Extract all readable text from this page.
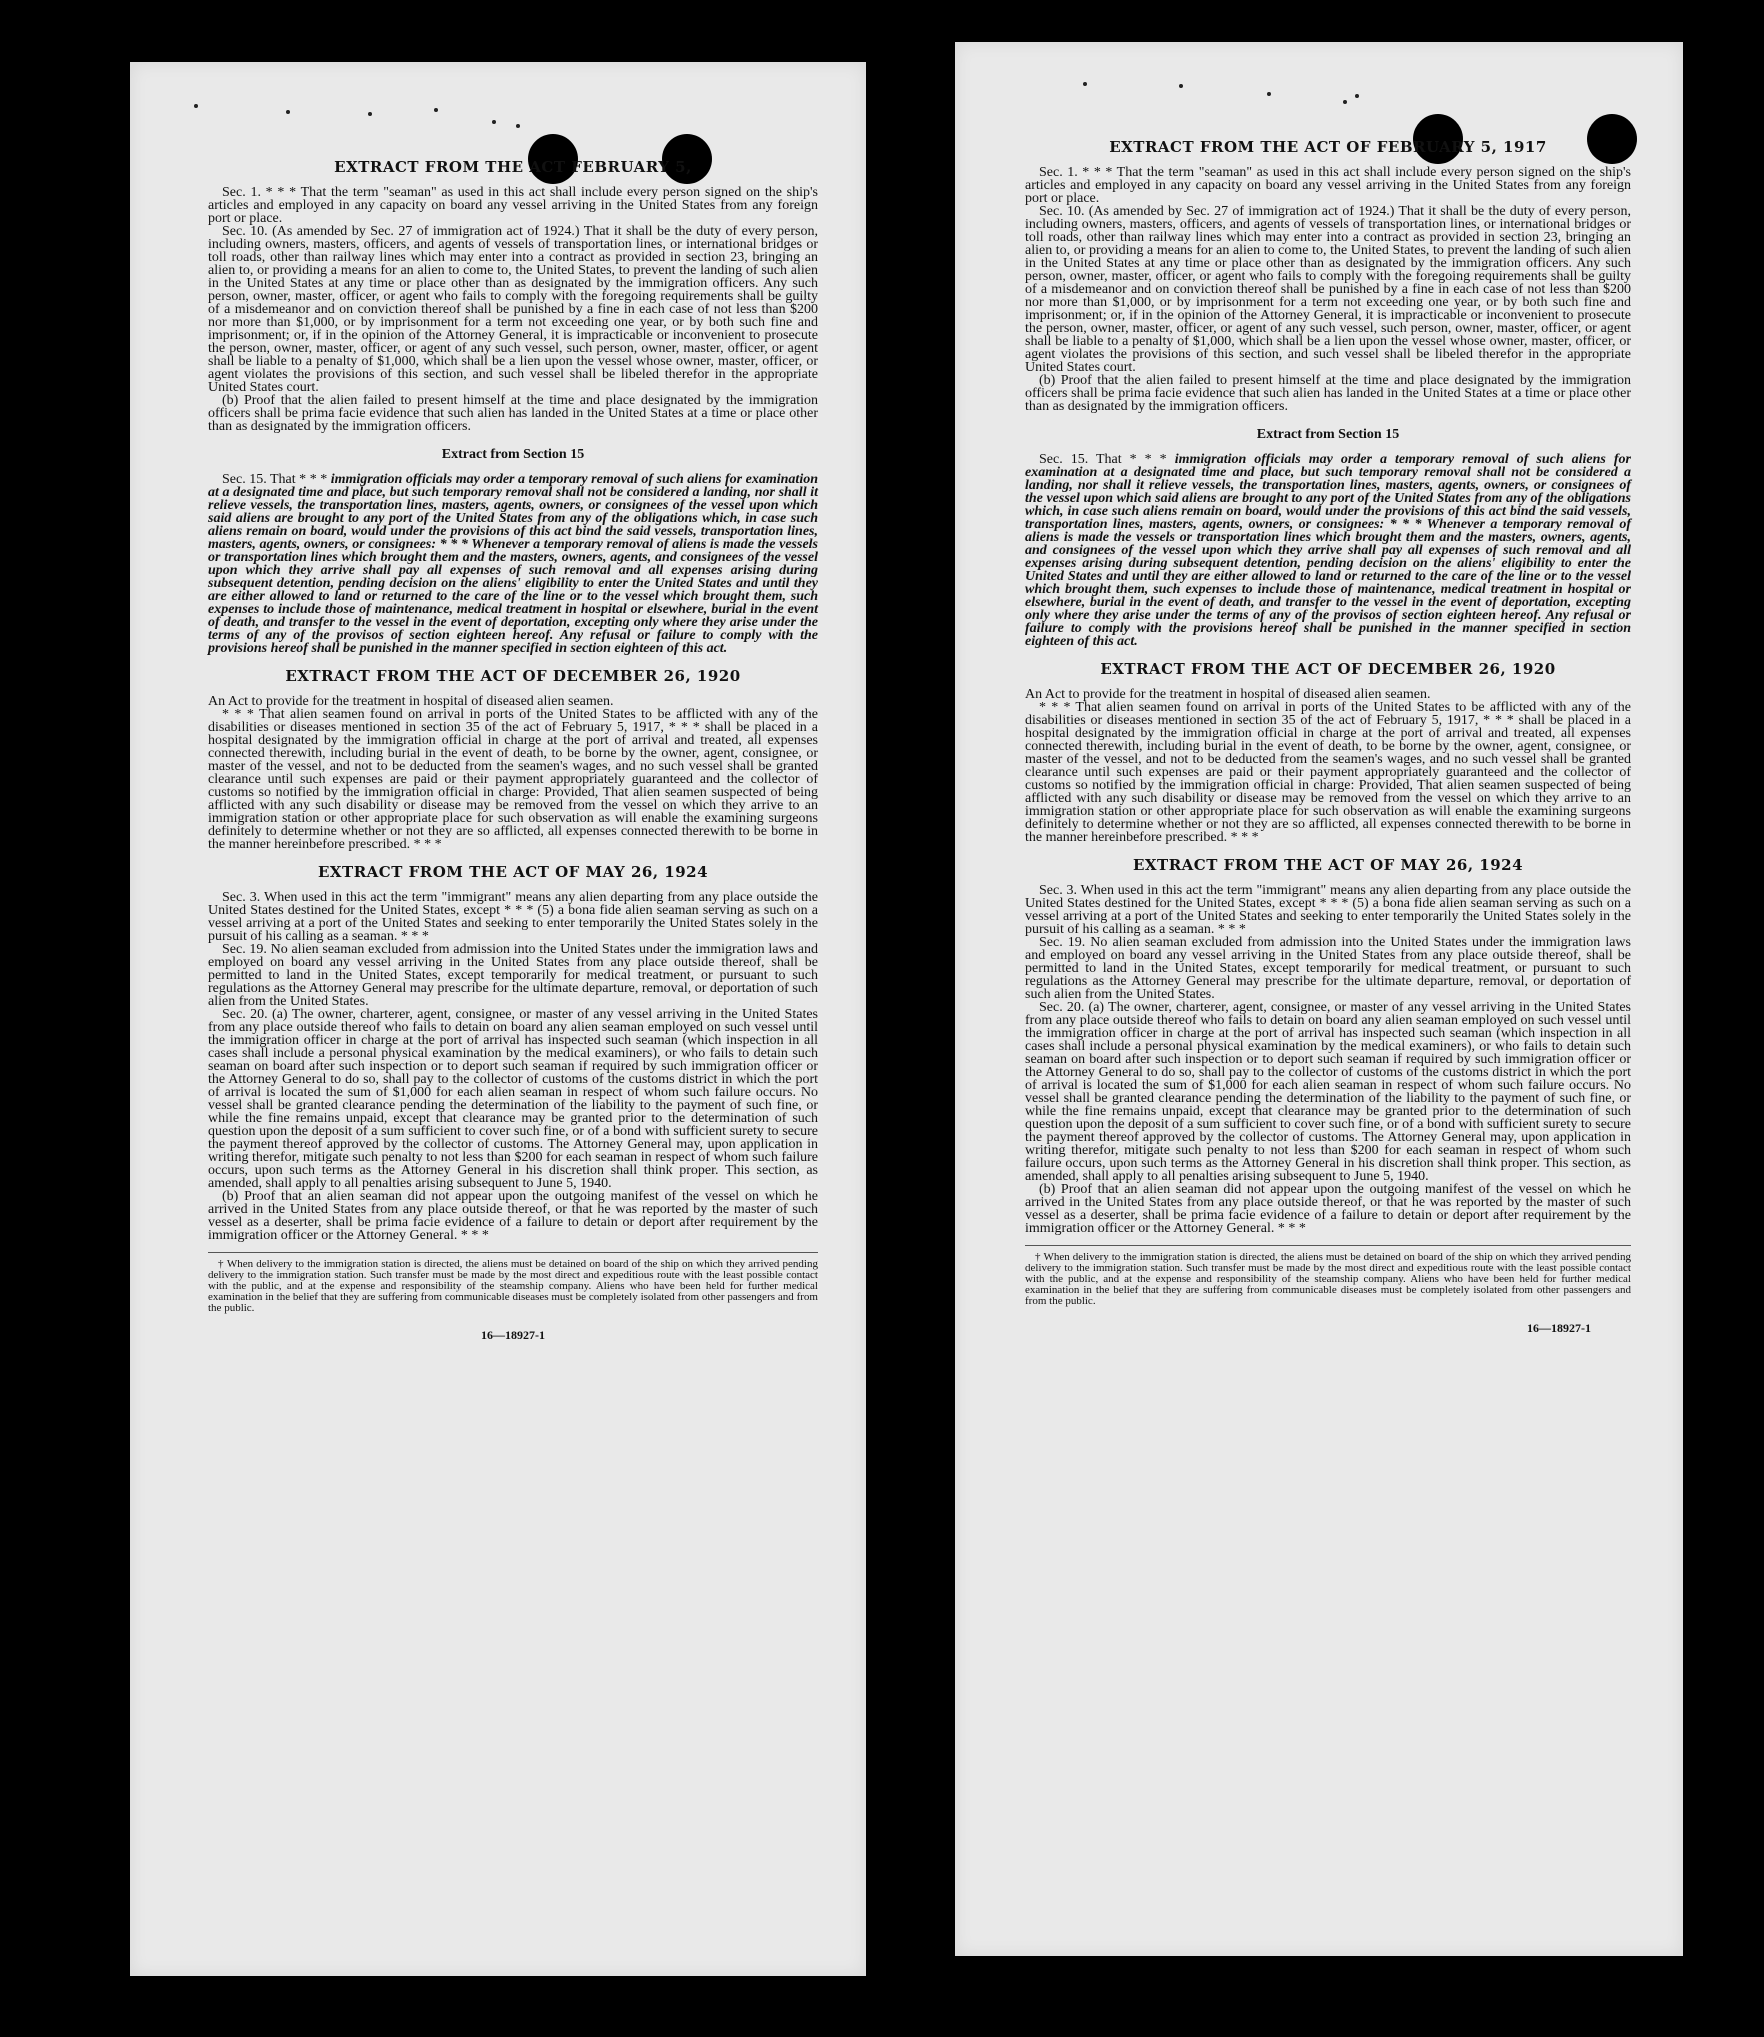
EXTRACT FROM THE ACT FEBRUARY 5,

Sec. 1. * * * That the term "seaman" as used in this act shall include every person signed on the ship's articles and employed in any capacity on board any vessel arriving in the United States from any foreign port or place.

Sec. 10. (As amended by Sec. 27 of immigration act of 1924.) That it shall be the duty of every person, including owners, masters, officers, and agents of vessels of transportation lines, or international bridges or toll roads, other than railway lines which may enter into a contract as provided in section 23, bringing an alien to, or providing a means for an alien to come to, the United States, to prevent the landing of such alien in the United States at any time or place other than as designated by the immigration officers. Any such person, owner, master, officer, or agent who fails to comply with the foregoing requirements shall be guilty of a misdemeanor and on conviction thereof shall be punished by a fine in each case of not less than $200 nor more than $1,000, or by imprisonment for a term not exceeding one year, or by both such fine and imprisonment; or, if in the opinion of the Attorney General, it is impracticable or inconvenient to prosecute the person, owner, master, officer, or agent of any such vessel, such person, owner, master, officer, or agent shall be liable to a penalty of $1,000, which shall be a lien upon the vessel whose owner, master, officer, or agent violates the provisions of this section, and such vessel shall be libeled therefor in the appropriate United States court.

(b) Proof that the alien failed to present himself at the time and place designated by the immigration officers shall be prima facie evidence that such alien has landed in the United States at a time or place other than as designated by the immigration officers.

Extract from Section 15

Sec. 15. That * * * immigration officials may order a temporary removal of such aliens for examination at a designated time and place, but such temporary removal shall not be considered a landing, nor shall it relieve vessels, the transportation lines, masters, agents, owners, or consignees of the vessel upon which said aliens are brought to any port of the United States from any of the obligations which, in case such aliens remain on board, would under the provisions of this act bind the said vessels, transportation lines, masters, agents, owners, or consignees: * * * Whenever a temporary removal of aliens is made the vessels or transportation lines which brought them and the masters, owners, agents, and consignees of the vessel upon which they arrive shall pay all expenses of such removal and all expenses arising during subsequent detention, pending decision on the aliens' eligibility to enter the United States and until they are either allowed to land or returned to the care of the line or to the vessel which brought them, such expenses to include those of maintenance, medical treatment in hospital or elsewhere, burial in the event of death, and transfer to the vessel in the event of deportation, excepting only where they arise under the terms of any of the provisos of section eighteen hereof. Any refusal or failure to comply with the provisions hereof shall be punished in the manner specified in section eighteen of this act.

EXTRACT FROM THE ACT OF DECEMBER 26, 1920

An Act to provide for the treatment in hospital of diseased alien seamen.

* * * That alien seamen found on arrival in ports of the United States to be afflicted with any of the disabilities or diseases mentioned in section 35 of the act of February 5, 1917, * * * shall be placed in a hospital designated by the immigration official in charge at the port of arrival and treated, all expenses connected therewith, including burial in the event of death, to be borne by the owner, agent, consignee, or master of the vessel, and not to be deducted from the seamen's wages, and no such vessel shall be granted clearance until such expenses are paid or their payment appropriately guaranteed and the collector of customs so notified by the immigration official in charge: Provided, That alien seamen suspected of being afflicted with any such disability or disease may be removed from the vessel on which they arrive to an immigration station or other appropriate place for such observation as will enable the examining surgeons definitely to determine whether or not they are so afflicted, all expenses connected therewith to be borne in the manner hereinbefore prescribed. * * *

EXTRACT FROM THE ACT OF MAY 26, 1924

Sec. 3. When used in this act the term "immigrant" means any alien departing from any place outside the United States destined for the United States, except * * * (5) a bona fide alien seaman serving as such on a vessel arriving at a port of the United States and seeking to enter temporarily the United States solely in the pursuit of his calling as a seaman. * * *

Sec. 19. No alien seaman excluded from admission into the United States under the immigration laws and employed on board any vessel arriving in the United States from any place outside thereof, shall be permitted to land in the United States, except temporarily for medical treatment, or pursuant to such regulations as the Attorney General may prescribe for the ultimate departure, removal, or deportation of such alien from the United States.

Sec. 20. (a) The owner, charterer, agent, consignee, or master of any vessel arriving in the United States from any place outside thereof who fails to detain on board any alien seaman employed on such vessel until the immigration officer in charge at the port of arrival has inspected such seaman (which inspection in all cases shall include a personal physical examination by the medical examiners), or who fails to detain such seaman on board after such inspection or to deport such seaman if required by such immigration officer or the Attorney General to do so, shall pay to the collector of customs of the customs district in which the port of arrival is located the sum of $1,000 for each alien seaman in respect of whom such failure occurs. No vessel shall be granted clearance pending the determination of the liability to the payment of such fine, or while the fine remains unpaid, except that clearance may be granted prior to the determination of such question upon the deposit of a sum sufficient to cover such fine, or of a bond with sufficient surety to secure the payment thereof approved by the collector of customs. The Attorney General may, upon application in writing therefor, mitigate such penalty to not less than $200 for each seaman in respect of whom such failure occurs, upon such terms as the Attorney General in his discretion shall think proper. This section, as amended, shall apply to all penalties arising subsequent to June 5, 1940.

(b) Proof that an alien seaman did not appear upon the outgoing manifest of the vessel on which he arrived in the United States from any place outside thereof, or that he was reported by the master of such vessel as a deserter, shall be prima facie evidence of a failure to detain or deport after requirement by the immigration officer or the Attorney General. * * *

† When delivery to the immigration station is directed, the aliens must be detained on board of the ship on which they arrived pending delivery to the immigration station. Such transfer must be made by the most direct and expeditious route with the least possible contact with the public, and at the expense and responsibility of the steamship company. Aliens who have been held for further medical examination in the belief that they are suffering from communicable diseases must be completely isolated from other passengers and from the public.

16—18927-1
EXTRACT FROM THE ACT OF FEBRUARY 5, 1917

Sec. 1. * * * That the term "seaman" as used in this act shall include every person signed on the ship's articles and employed in any capacity on board any vessel arriving in the United States from any foreign port or place.

Sec. 10. (As amended by Sec. 27 of immigration act of 1924.) That it shall be the duty of every person, including owners, masters, officers, and agents of vessels of transportation lines, or international bridges or toll roads, other than railway lines which may enter into a contract as provided in section 23, bringing an alien to, or providing a means for an alien to come to, the United States, to prevent the landing of such alien in the United States at any time or place other than as designated by the immigration officers. Any such person, owner, master, officer, or agent who fails to comply with the foregoing requirements shall be guilty of a misdemeanor and on conviction thereof shall be punished by a fine in each case of not less than $200 nor more than $1,000, or by imprisonment for a term not exceeding one year, or by both such fine and imprisonment; or, if in the opinion of the Attorney General, it is impracticable or inconvenient to prosecute the person, owner, master, officer, or agent of any such vessel, such person, owner, master, officer, or agent shall be liable to a penalty of $1,000, which shall be a lien upon the vessel whose owner, master, officer, or agent violates the provisions of this section, and such vessel shall be libeled therefor in the appropriate United States court.

(b) Proof that the alien failed to present himself at the time and place designated by the immigration officers shall be prima facie evidence that such alien has landed in the United States at a time or place other than as designated by the immigration officers.

Extract from Section 15

Sec. 15. That * * * immigration officials may order a temporary removal of such aliens for examination at a designated time and place, but such temporary removal shall not be considered a landing, nor shall it relieve vessels, the transportation lines, masters, agents, owners, or consignees of the vessel upon which said aliens are brought to any port of the United States from any of the obligations which, in case such aliens remain on board, would under the provisions of this act bind the said vessels, transportation lines, masters, agents, owners, or consignees: * * * Whenever a temporary removal of aliens is made the vessels or transportation lines which brought them and the masters, owners, agents, and consignees of the vessel upon which they arrive shall pay all expenses of such removal and all expenses arising during subsequent detention, pending decision on the aliens' eligibility to enter the United States and until they are either allowed to land or returned to the care of the line or to the vessel which brought them, such expenses to include those of maintenance, medical treatment in hospital or elsewhere, burial in the event of death, and transfer to the vessel in the event of deportation, excepting only where they arise under the terms of any of the provisos of section eighteen hereof. Any refusal or failure to comply with the provisions hereof shall be punished in the manner specified in section eighteen of this act.

EXTRACT FROM THE ACT OF DECEMBER 26, 1920

An Act to provide for the treatment in hospital of diseased alien seamen.

* * * That alien seamen found on arrival in ports of the United States to be afflicted with any of the disabilities or diseases mentioned in section 35 of the act of February 5, 1917, * * * shall be placed in a hospital designated by the immigration official in charge at the port of arrival and treated, all expenses connected therewith, including burial in the event of death, to be borne by the owner, agent, consignee, or master of the vessel, and not to be deducted from the seamen's wages, and no such vessel shall be granted clearance until such expenses are paid or their payment appropriately guaranteed and the collector of customs so notified by the immigration official in charge: Provided, That alien seamen suspected of being afflicted with any such disability or disease may be removed from the vessel on which they arrive to an immigration station or other appropriate place for such observation as will enable the examining surgeons definitely to determine whether or not they are so afflicted, all expenses connected therewith to be borne in the manner hereinbefore prescribed. * * *

EXTRACT FROM THE ACT OF MAY 26, 1924

Sec. 3. When used in this act the term "immigrant" means any alien departing from any place outside the United States destined for the United States, except * * * (5) a bona fide alien seaman serving as such on a vessel arriving at a port of the United States and seeking to enter temporarily the United States solely in the pursuit of his calling as a seaman. * * *

Sec. 19. No alien seaman excluded from admission into the United States under the immigration laws and employed on board any vessel arriving in the United States from any place outside thereof, shall be permitted to land in the United States, except temporarily for medical treatment, or pursuant to such regulations as the Attorney General may prescribe for the ultimate departure, removal, or deportation of such alien from the United States.

Sec. 20. (a) The owner, charterer, agent, consignee, or master of any vessel arriving in the United States from any place outside thereof who fails to detain on board any alien seaman employed on such vessel until the immigration officer in charge at the port of arrival has inspected such seaman (which inspection in all cases shall include a personal physical examination by the medical examiners), or who fails to detain such seaman on board after such inspection or to deport such seaman if required by such immigration officer or the Attorney General to do so, shall pay to the collector of customs of the customs district in which the port of arrival is located the sum of $1,000 for each alien seaman in respect of whom such failure occurs. No vessel shall be granted clearance pending the determination of the liability to the payment of such fine, or while the fine remains unpaid, except that clearance may be granted prior to the determination of such question upon the deposit of a sum sufficient to cover such fine, or of a bond with sufficient surety to secure the payment thereof approved by the collector of customs. The Attorney General may, upon application in writing therefor, mitigate such penalty to not less than $200 for each seaman in respect of whom such failure occurs, upon such terms as the Attorney General in his discretion shall think proper. This section, as amended, shall apply to all penalties arising subsequent to June 5, 1940.

(b) Proof that an alien seaman did not appear upon the outgoing manifest of the vessel on which he arrived in the United States from any place outside thereof, or that he was reported by the master of such vessel as a deserter, shall be prima facie evidence of a failure to detain or deport after requirement by the immigration officer or the Attorney General. * * *

† When delivery to the immigration station is directed, the aliens must be detained on board of the ship on which they arrived pending delivery to the immigration station. Such transfer must be made by the most direct and expeditious route with the least possible contact with the public, and at the expense and responsibility of the steamship company. Aliens who have been held for further medical examination in the belief that they are suffering from communicable diseases must be completely isolated from other passengers and from the public.

16—18927-1
